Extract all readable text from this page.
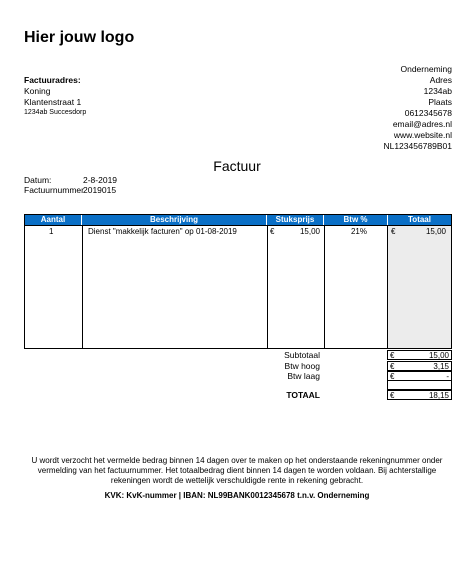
Hier jouw logo
Factuuradres:
Koning
Klantenstraat 1
1234ab Succesdorp
Onderneming
Adres
1234ab
Plaats
0612345678
email@adres.nl
www.website.nl
NL123456789B01
Factuur
Datum:	2-8-2019
Factuurnummer 2019015
Aantal	Beschrijving	Stuksprijs	Btw %	Totaal
1	Dienst "makkelijk facturen" op 01-08-2019	€	15,00	21%	€	15,00
Subtotaal	€	15,00
Btw hoog	€	3,15
Btw laag	€	-
TOTAAL	€	18,15
U wordt verzocht het vermelde bedrag binnen 14 dagen over te maken op het onderstaande rekeningnummer onder vermelding van het factuurnummer. Het totaalbedrag dient binnen 14 dagen te worden voldaan. Bij achterstallige rekeningen wordt de wettelijk verschuldigde rente in rekening gebracht.
KVK: KvK-nummer | IBAN: NL99BANK0012345678 t.n.v. Onderneming
